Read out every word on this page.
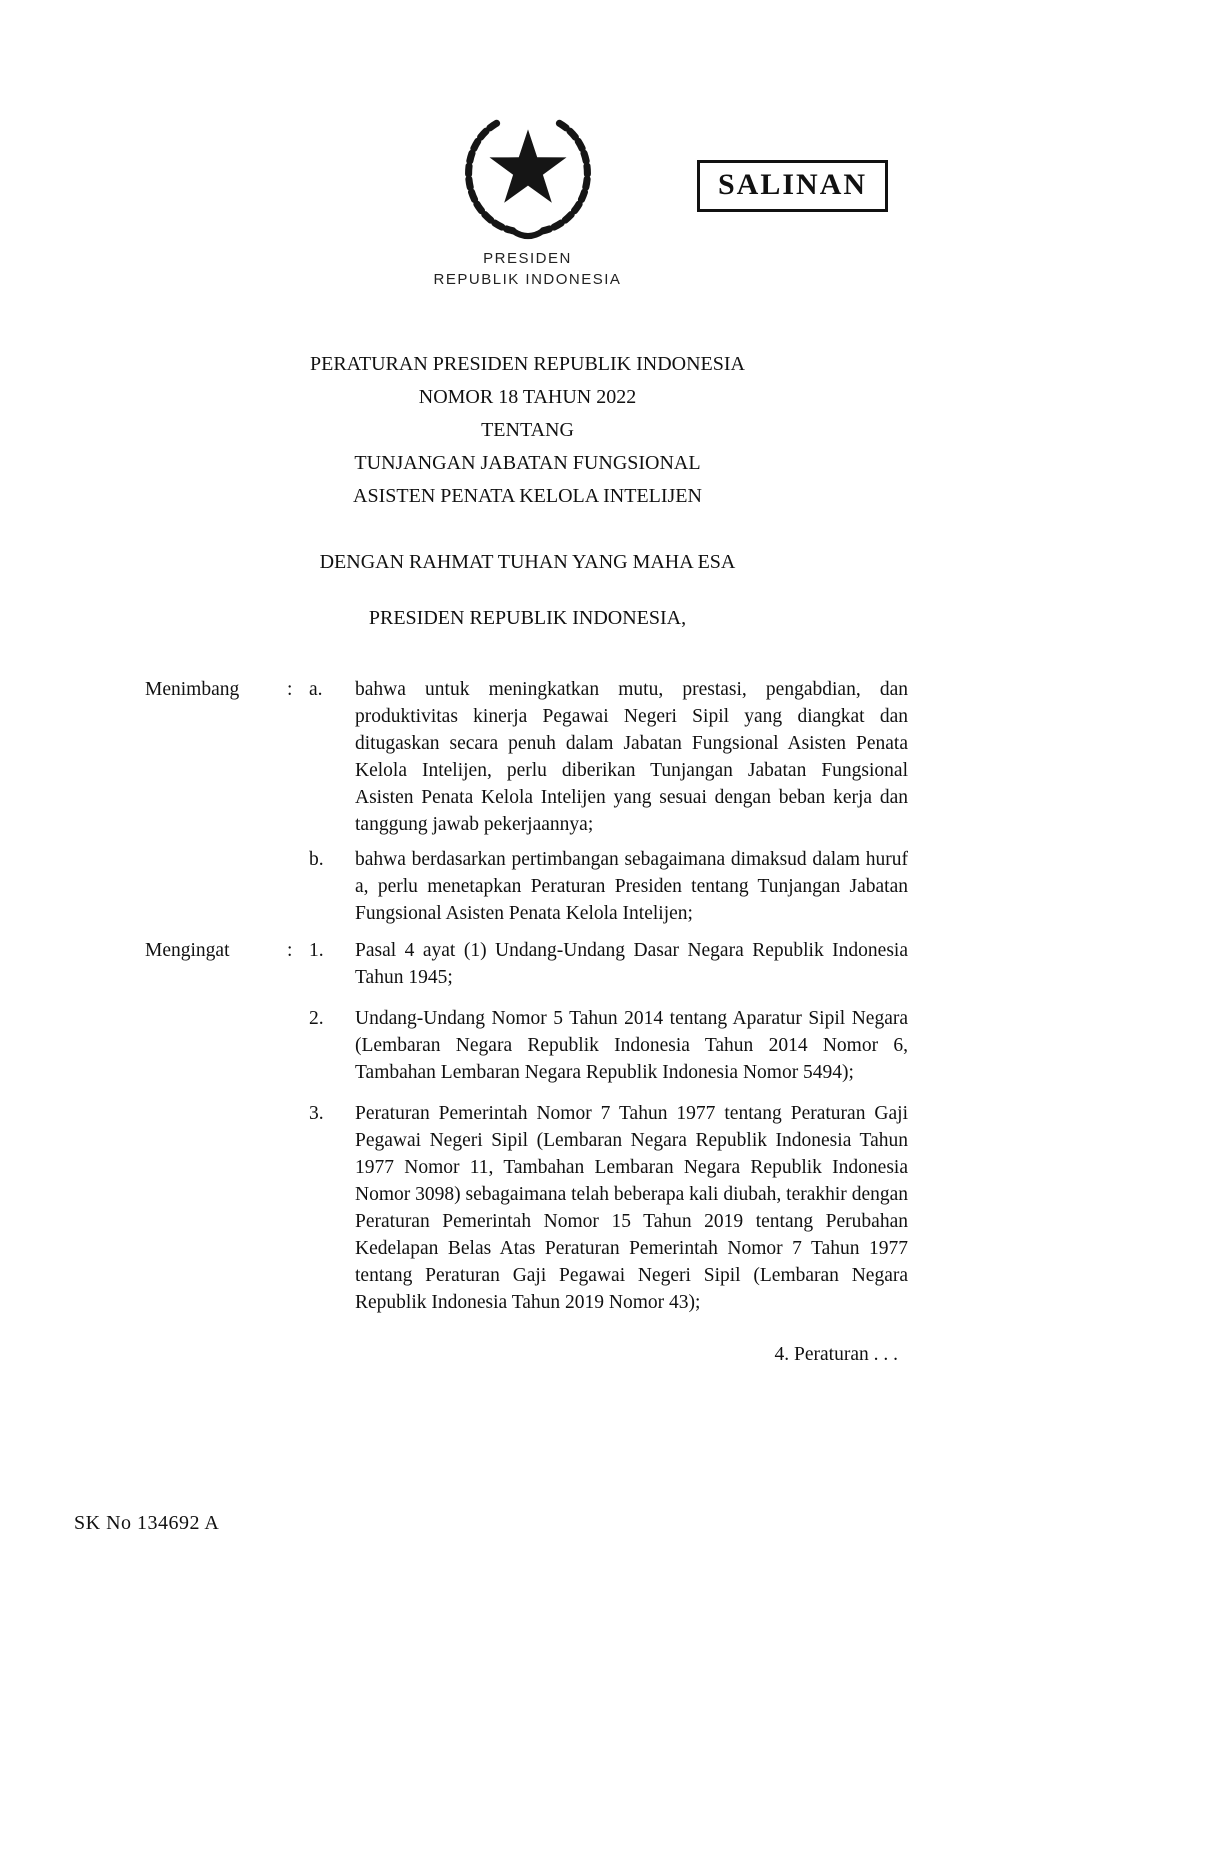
SALINAN
PRESIDEN
REPUBLIK INDONESIA
PERATURAN PRESIDEN REPUBLIK INDONESIA
NOMOR 18 TAHUN 2022
TENTANG
TUNJANGAN JABATAN FUNGSIONAL
ASISTEN PENATA KELOLA INTELIJEN
DENGAN RAHMAT TUHAN YANG MAHA ESA
PRESIDEN REPUBLIK INDONESIA,
Menimbang	: a.	bahwa untuk meningkatkan mutu, prestasi, pengabdian, dan produktivitas kinerja Pegawai Negeri Sipil yang diangkat dan ditugaskan secara penuh dalam Jabatan Fungsional Asisten Penata Kelola Intelijen, perlu diberikan Tunjangan Jabatan Fungsional Asisten Penata Kelola Intelijen yang sesuai dengan beban kerja dan tanggung jawab pekerjaannya;
b.	bahwa berdasarkan pertimbangan sebagaimana dimaksud dalam huruf a, perlu menetapkan Peraturan Presiden tentang Tunjangan Jabatan Fungsional Asisten Penata Kelola Intelijen;
Mengingat	: 1.	Pasal 4 ayat (1) Undang-Undang Dasar Negara Republik Indonesia Tahun 1945;
2.	Undang-Undang Nomor 5 Tahun 2014 tentang Aparatur Sipil Negara (Lembaran Negara Republik Indonesia Tahun 2014 Nomor 6, Tambahan Lembaran Negara Republik Indonesia Nomor 5494);
3.	Peraturan Pemerintah Nomor 7 Tahun 1977 tentang Peraturan Gaji Pegawai Negeri Sipil (Lembaran Negara Republik Indonesia Tahun 1977 Nomor 11, Tambahan Lembaran Negara Republik Indonesia Nomor 3098) sebagaimana telah beberapa kali diubah, terakhir dengan Peraturan Pemerintah Nomor 15 Tahun 2019 tentang Perubahan Kedelapan Belas Atas Peraturan Pemerintah Nomor 7 Tahun 1977 tentang Peraturan Gaji Pegawai Negeri Sipil (Lembaran Negara Republik Indonesia Tahun 2019 Nomor 43);
4. Peraturan . . .
SK No 134692 A
